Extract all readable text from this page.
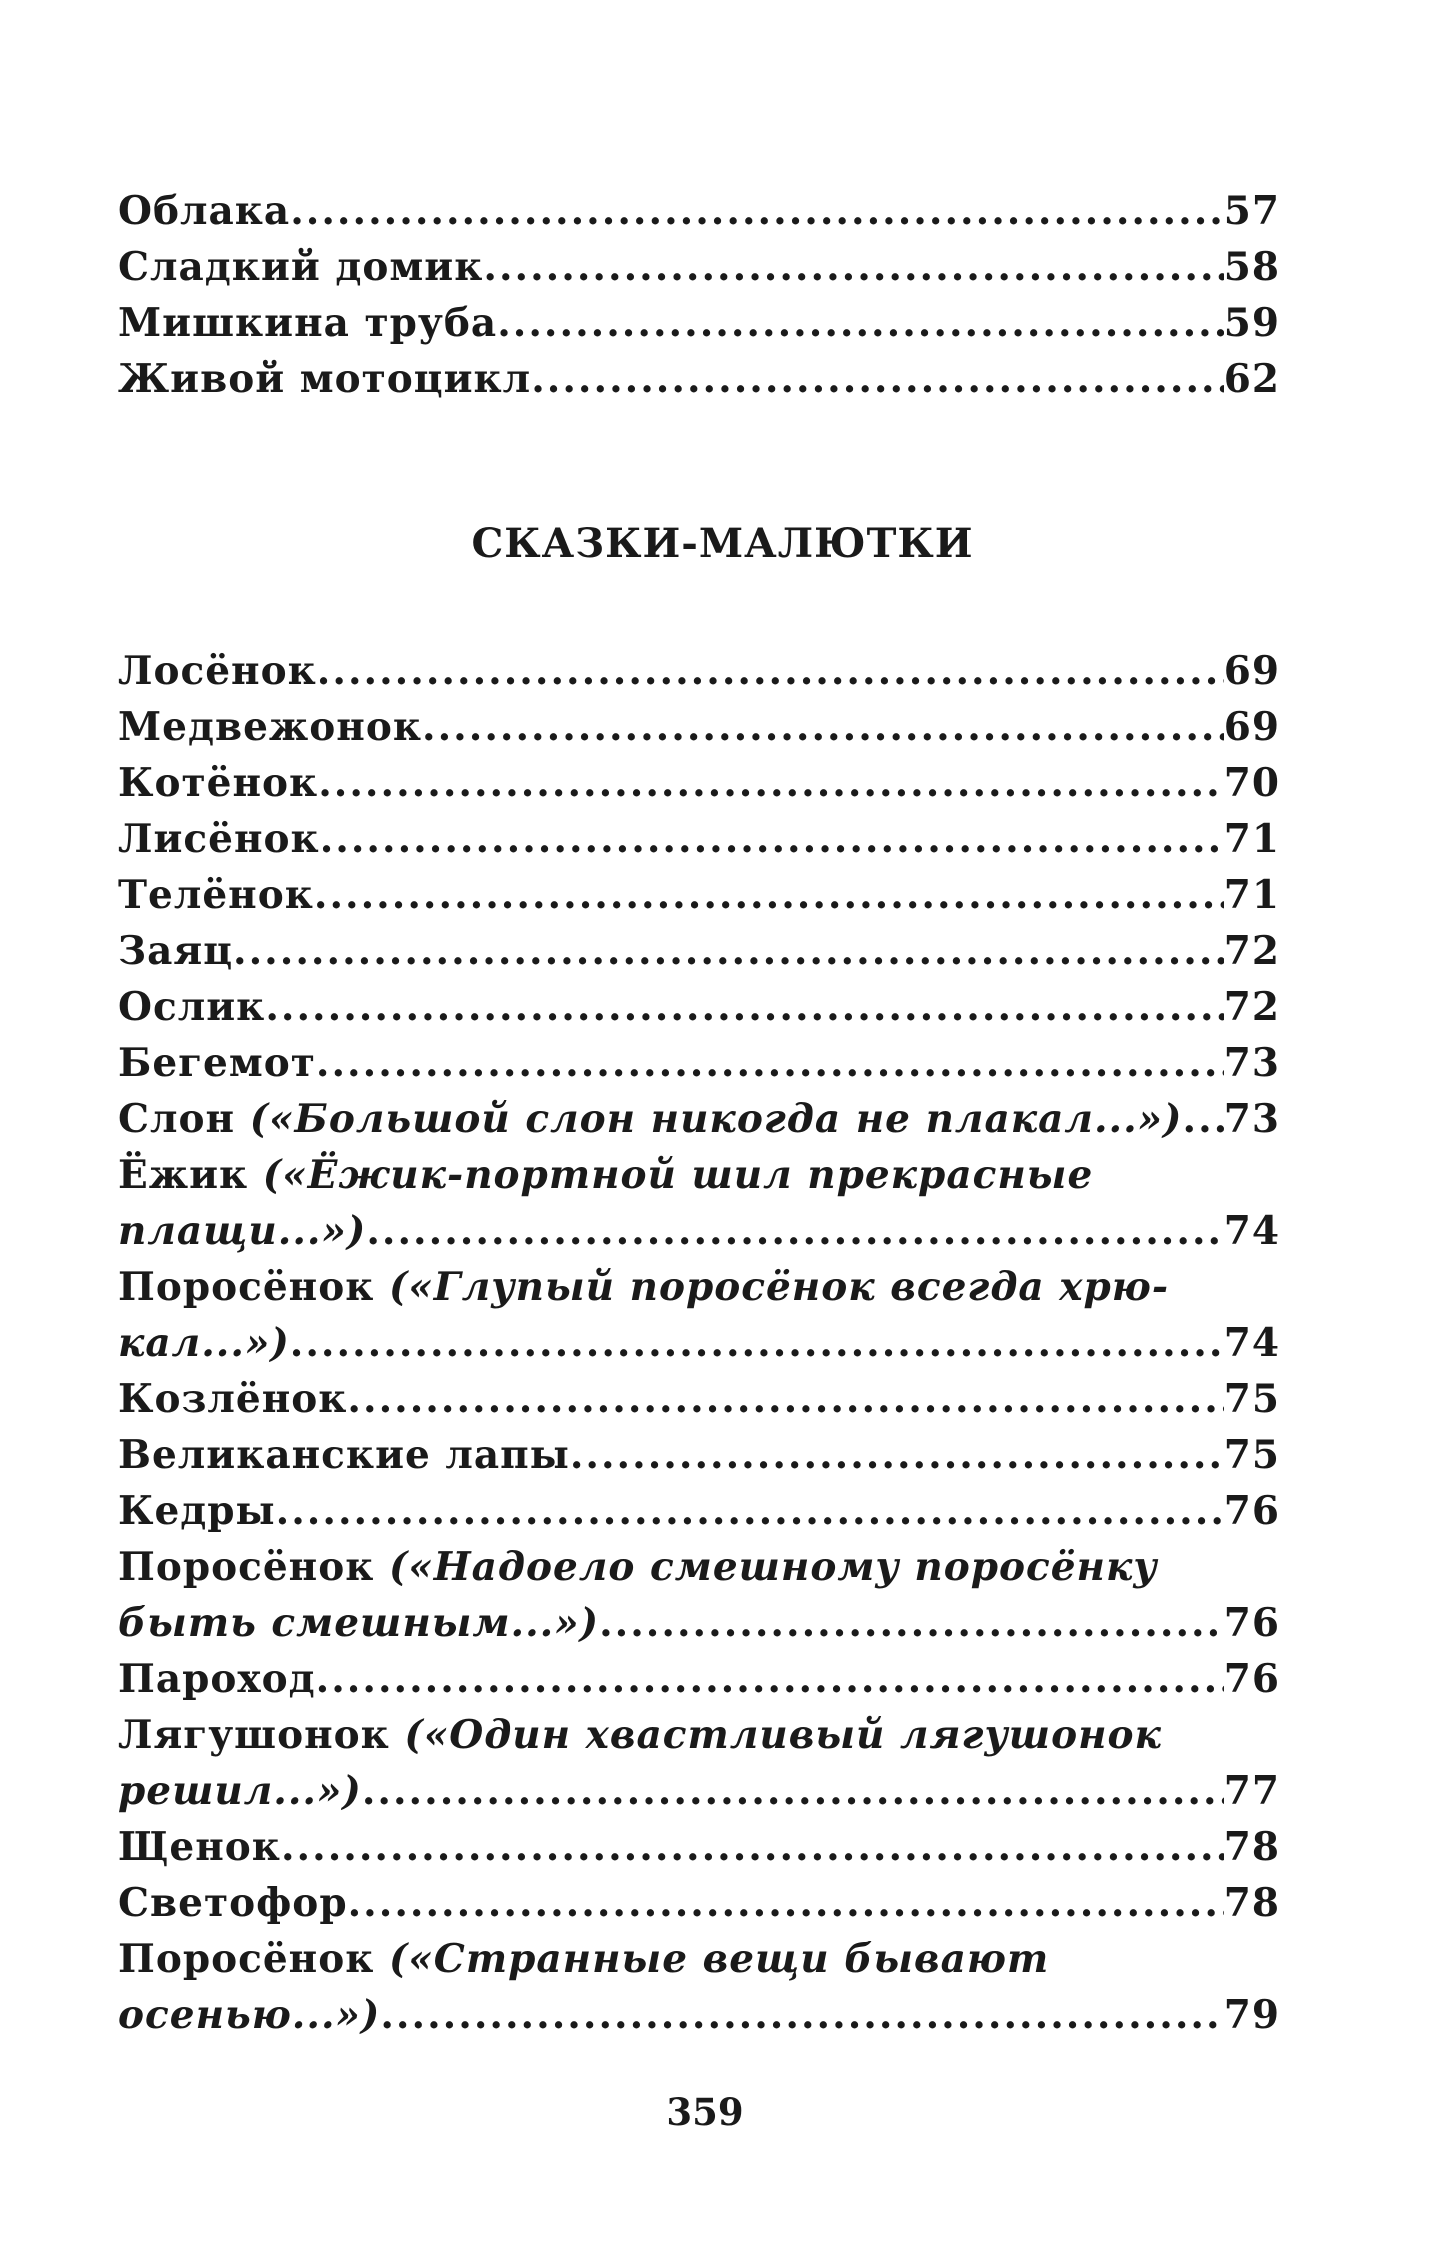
Облака .....	57
Сладкий домик .....	58
Мишкина труба .....	59
Живой мотоцикл .....	62
СКАЗКИ-МАЛЮТКИ
Лосёнок .....	69
Медвежонок .....	69
Котёнок .....	70
Лисёнок .....	71
Телёнок .....	71
Заяц .....	72
Ослик .....	72
Бегемот .....	73
Слон («Большой слон никогда не плакал...») ..... 73
Ёжик («Ёжик-портной шил прекрасные
плащи...») .....	74
Поросёнок («Глупый поросёнок всегда хрю-
кал...») .....	74
Козлёнок .....	75
Великанские лапы .....	75
Кедры .....	76
Поросёнок («Надоело смешному поросёнку
быть смешным...») .....	76
Пароход .....	76
Лягушонок («Один хвастливый лягушонок
решил...») .....	77
Щенок .....	78
Светофор .....	78
Поросёнок («Странные вещи бывают
осенью...») .....	79
359
